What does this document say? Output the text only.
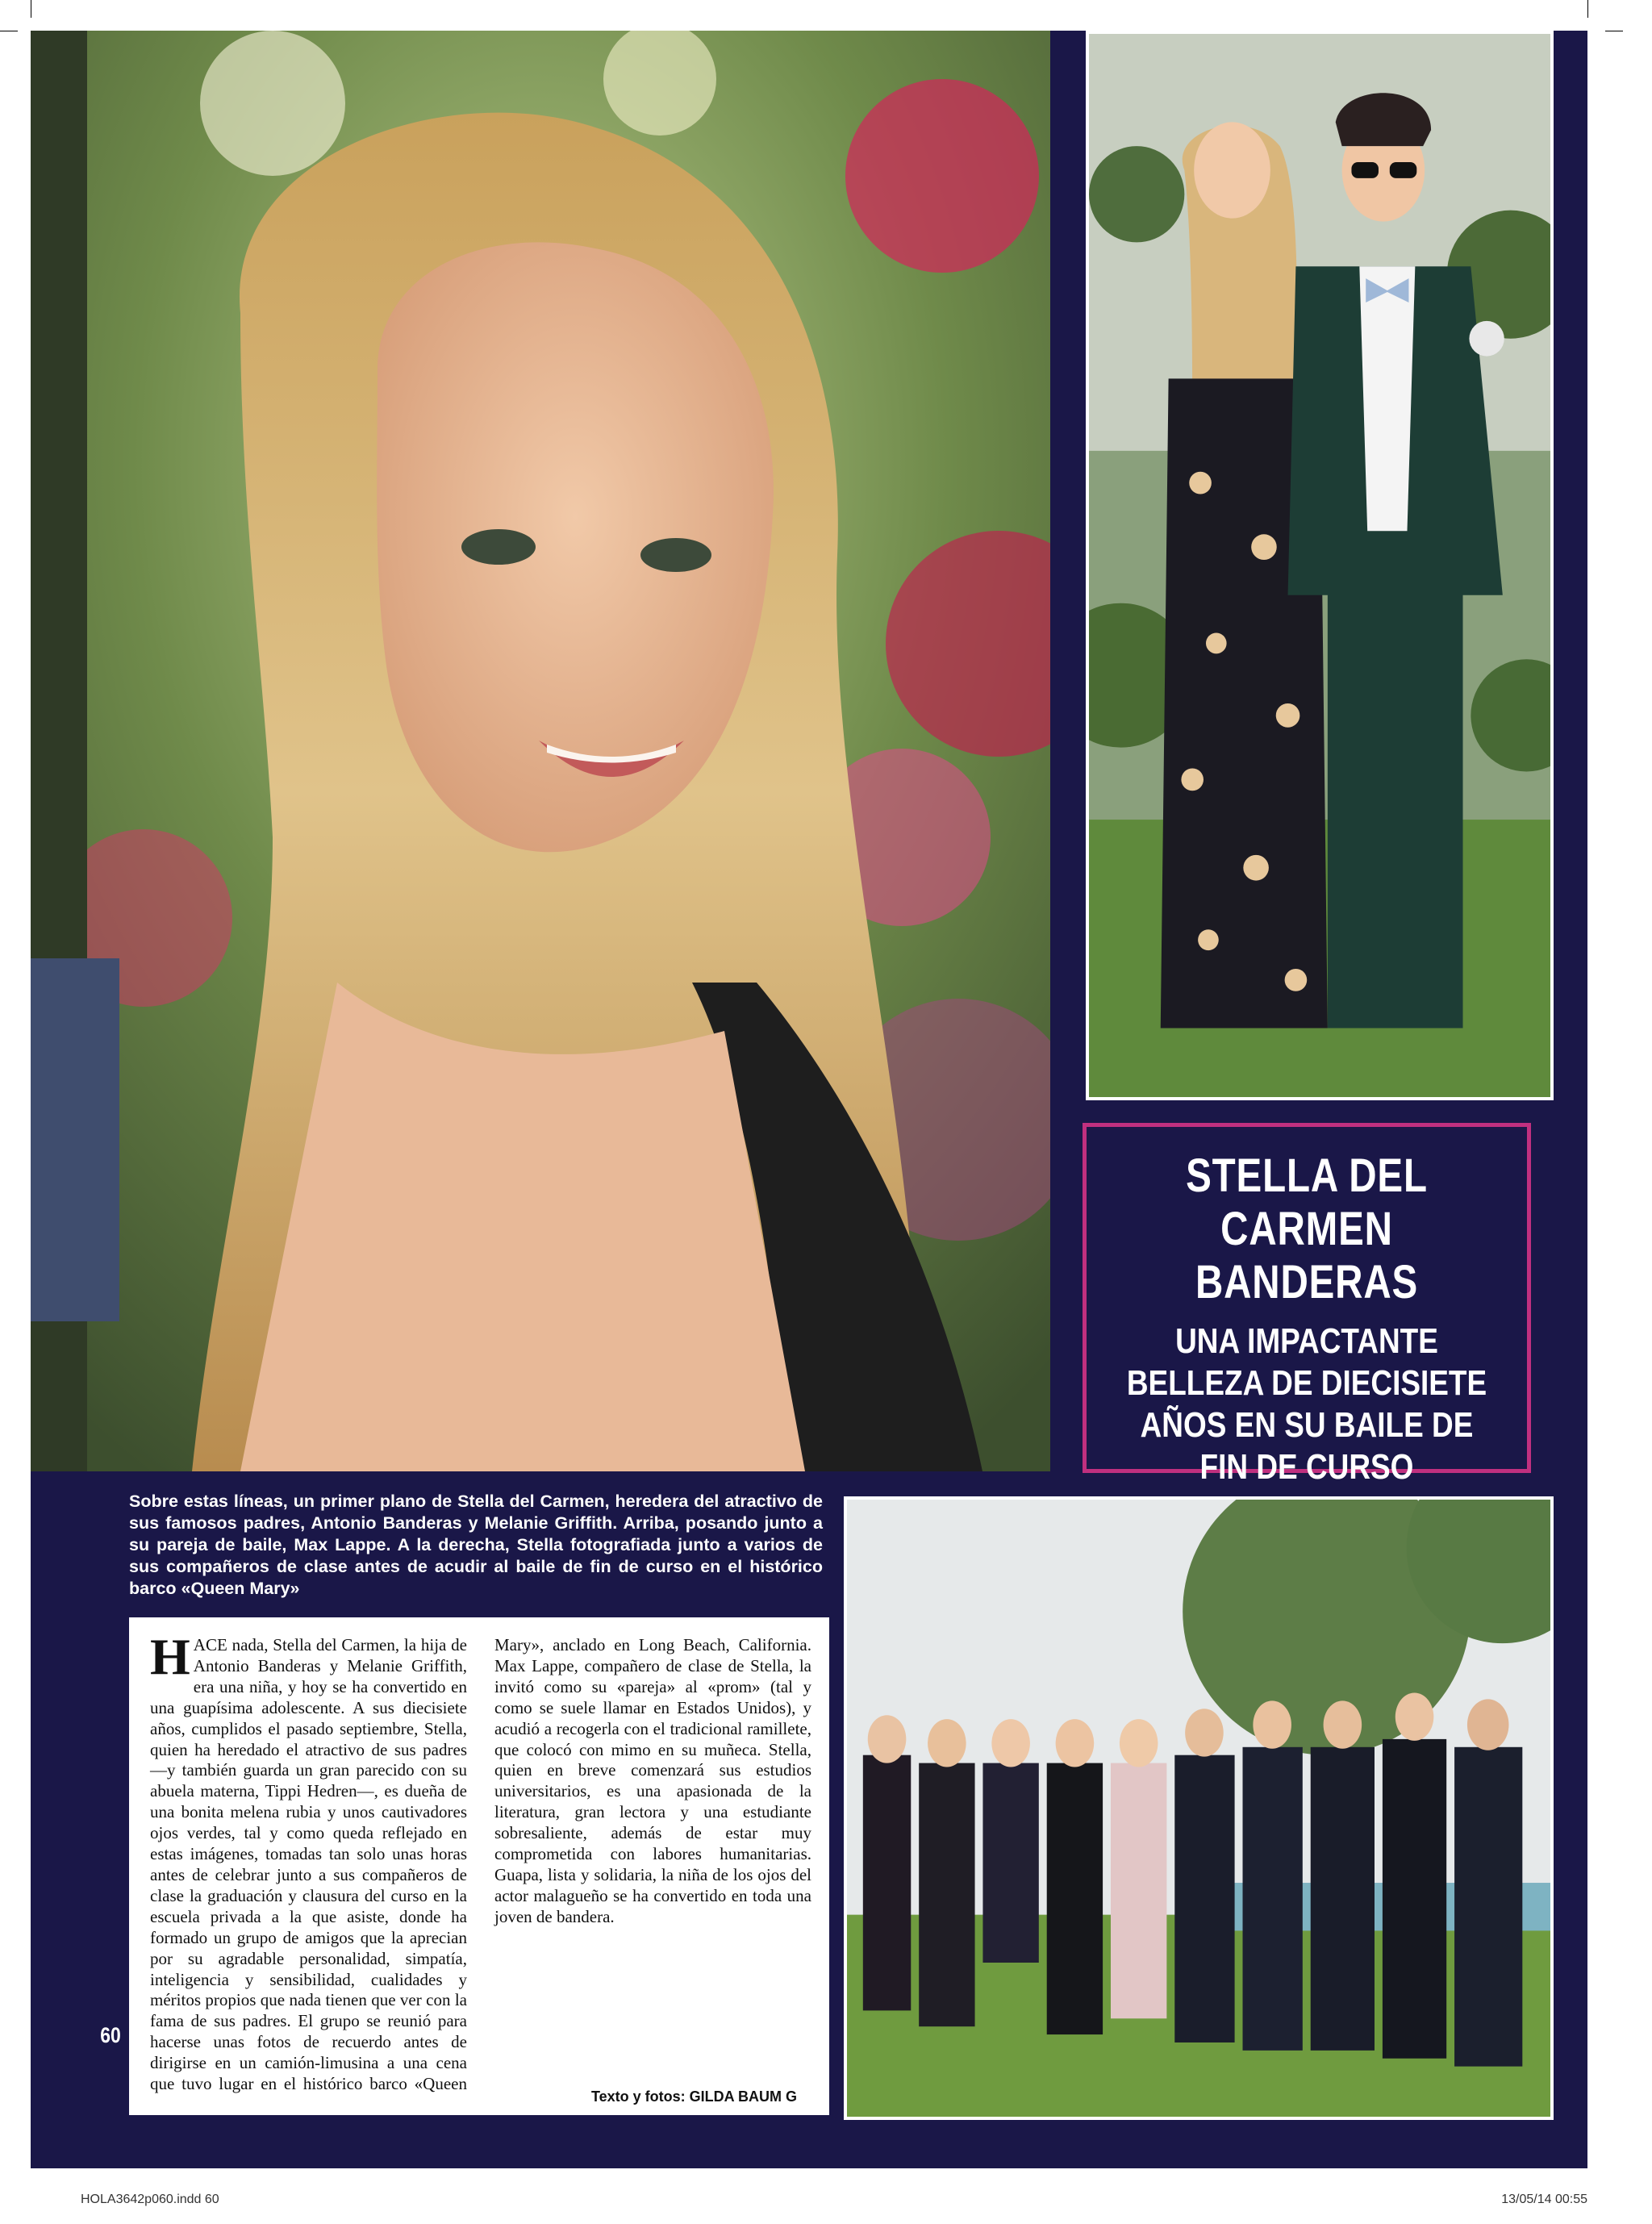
STELLA DEL
CARMEN BANDERAS
UNA IMPACTANTE
BELLEZA DE DIECISIETE
AÑOS EN SU BAILE DE
FIN DE CURSO
Sobre estas líneas, un primer plano de Stella del Carmen, heredera del atractivo de sus famosos padres, Antonio Banderas y Melanie Griffith. Arriba, posando junto a su pareja de baile, Max Lappe. A la derecha, Stella fotografiada junto a varios de sus compañeros de clase antes de acudir al baile de fin de curso en el histórico barco «Queen Mary»
HACE nada, Stella del Carmen, la hija de Antonio Banderas y Melanie Griffith, era una niña, y hoy se ha convertido en una guapísima adolescente. A sus diecisiete años, cumplidos el pasado septiembre, Stella, quien ha heredado el atractivo de sus padres —y también guarda un gran parecido con su abuela materna, Tippi Hedren—, es dueña de una bonita melena rubia y unos cautivadores ojos verdes, tal y como queda reflejado en estas imágenes, tomadas tan solo unas horas antes de celebrar junto a sus compañeros de clase la graduación y clausura del curso en la escuela privada a la que asiste, donde ha formado un grupo de amigos que la aprecian por su agradable personalidad, simpatía, inteligencia y sensibilidad, cualidades y méritos propios que nada tienen que ver con la fama de sus padres. El grupo se reunió para hacerse unas fotos de recuerdo antes de dirigirse en un camión-limusina a una cena que tuvo lugar en el histórico barco «Queen Mary», anclado en Long Beach, California. Max Lappe, compañero de clase de Stella, la invitó como su «pareja» al «prom» (tal y como se suele llamar en Estados Unidos), y acudió a recogerla con el tradicional ramillete, que colocó con mimo en su muñeca. Stella, quien en breve comenzará sus estudios universitarios, es una apasionada de la literatura, gran lectora y una estudiante sobresaliente, además de estar muy comprometida con labores humanitarias. Guapa, lista y solidaria, la niña de los ojos del actor malagueño se ha convertido en toda una joven de bandera.
Texto y fotos: GILDA BAUM G
60
HOLA3642p060.indd 60	13/05/14 00:55
